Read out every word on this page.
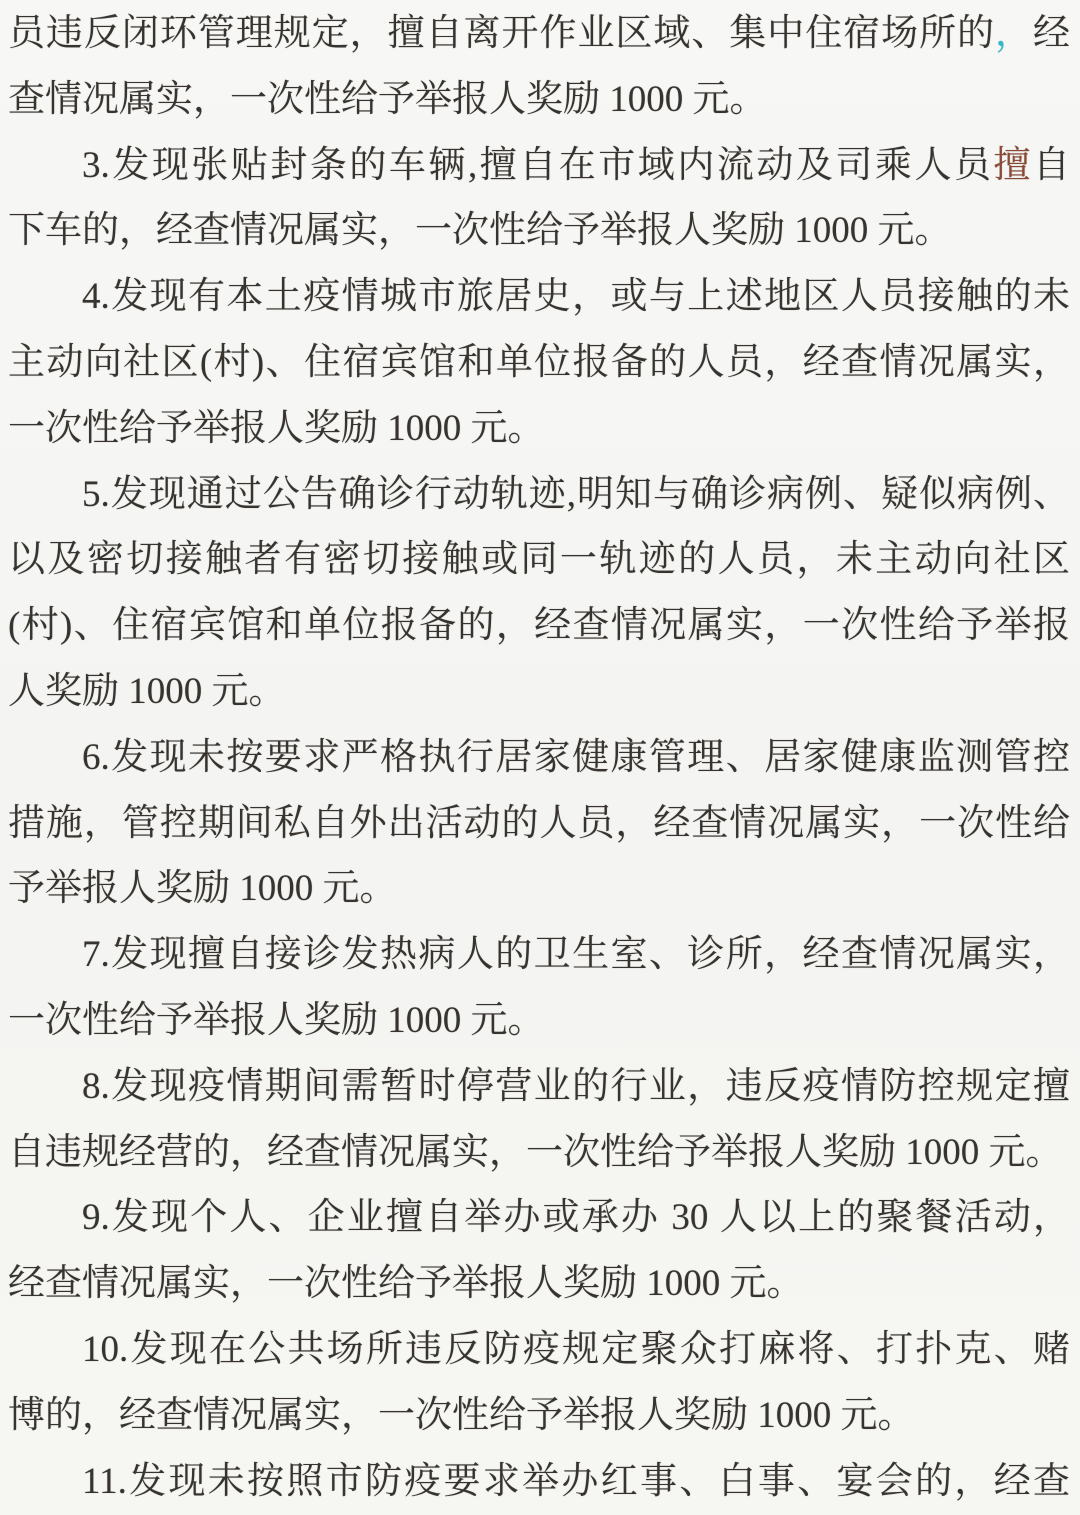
员违反闭环管理规定，擅自离开作业区域、集中住宿场所的，经
查情况属实，一次性给予举报人奖励 1000 元。
3.发现张贴封条的车辆,擅自在市域内流动及司乘人员擅自
下车的，经查情况属实，一次性给予举报人奖励 1000 元。
4.发现有本土疫情城市旅居史，或与上述地区人员接触的未
主动向社区(村)、住宿宾馆和单位报备的人员，经查情况属实，
一次性给予举报人奖励 1000 元。
5.发现通过公告确诊行动轨迹,明知与确诊病例、疑似病例、
以及密切接触者有密切接触或同一轨迹的人员，未主动向社区
(村)、住宿宾馆和单位报备的，经查情况属实，一次性给予举报
人奖励 1000 元。
6.发现未按要求严格执行居家健康管理、居家健康监测管控
措施，管控期间私自外出活动的人员，经查情况属实，一次性给
予举报人奖励 1000 元。
7.发现擅自接诊发热病人的卫生室、诊所，经查情况属实，
一次性给予举报人奖励 1000 元。
8.发现疫情期间需暂时停营业的行业，违反疫情防控规定擅
自违规经营的，经查情况属实，一次性给予举报人奖励 1000 元。
9.发现个人、企业擅自举办或承办 30 人以上的聚餐活动，
经查情况属实，一次性给予举报人奖励 1000 元。
10.发现在公共场所违反防疫规定聚众打麻将、打扑克、赌
博的，经查情况属实，一次性给予举报人奖励 1000 元。
11.发现未按照市防疫要求举办红事、白事、宴会的，经查
